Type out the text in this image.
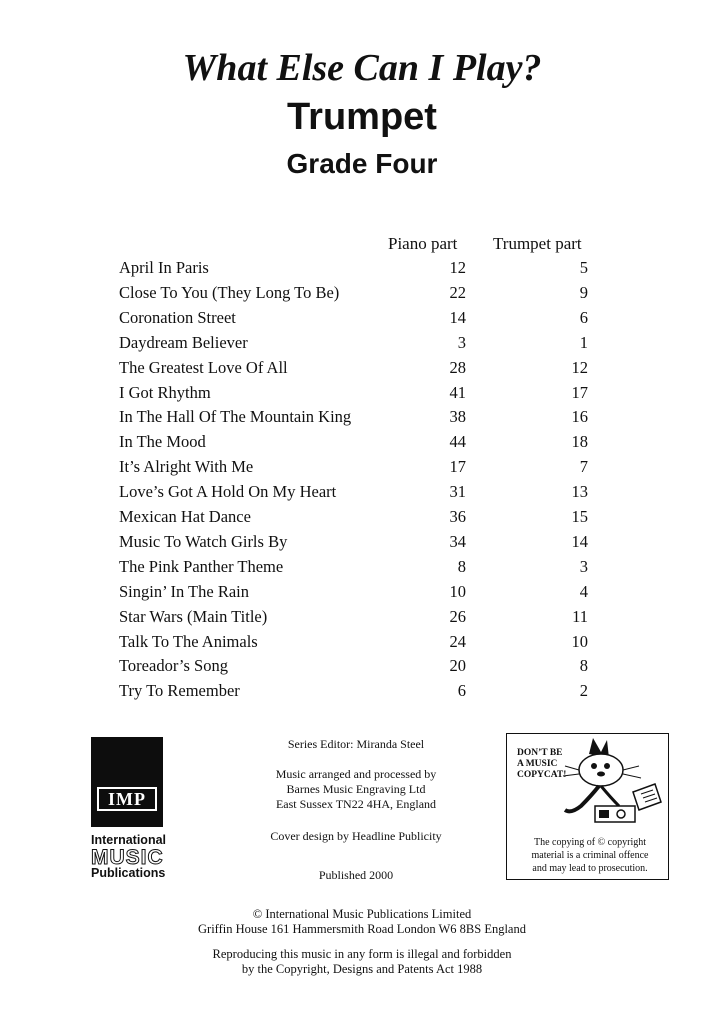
What Else Can I Play?
Trumpet
Grade Four
Piano part Trumpet part
April In Paris	12	5
Close To You (They Long To Be)	22	9
Coronation Street	14	6
Daydream Believer	3	1
The Greatest Love Of All	28	12
I Got Rhythm	41	17
In The Hall Of The Mountain King	38	16
In The Mood	44	18
It’s Alright With Me	17	7
Love’s Got A Hold On My Heart	31	13
Mexican Hat Dance	36	15
Music To Watch Girls By	34	14
The Pink Panther Theme	8	3
Singin’ In The Rain	10	4
Star Wars (Main Title)	26	11
Talk To The Animals	24	10
Toreador’s Song	20	8
Try To Remember	6	2
IMP
International
MUSIC
Publications
Series Editor: Miranda Steel
Music arranged and processed by
Barnes Music Engraving Ltd
East Sussex TN22 4HA, England
Cover design by Headline Publicity
Published 2000
DON’T BE
A MUSIC
COPYCAT!
The copying of © copyright
material is a criminal offence
and may lead to prosecution.
© International Music Publications Limited
Griffin House 161 Hammersmith Road London W6 8BS England
Reproducing this music in any form is illegal and forbidden
by the Copyright, Designs and Patents Act 1988
